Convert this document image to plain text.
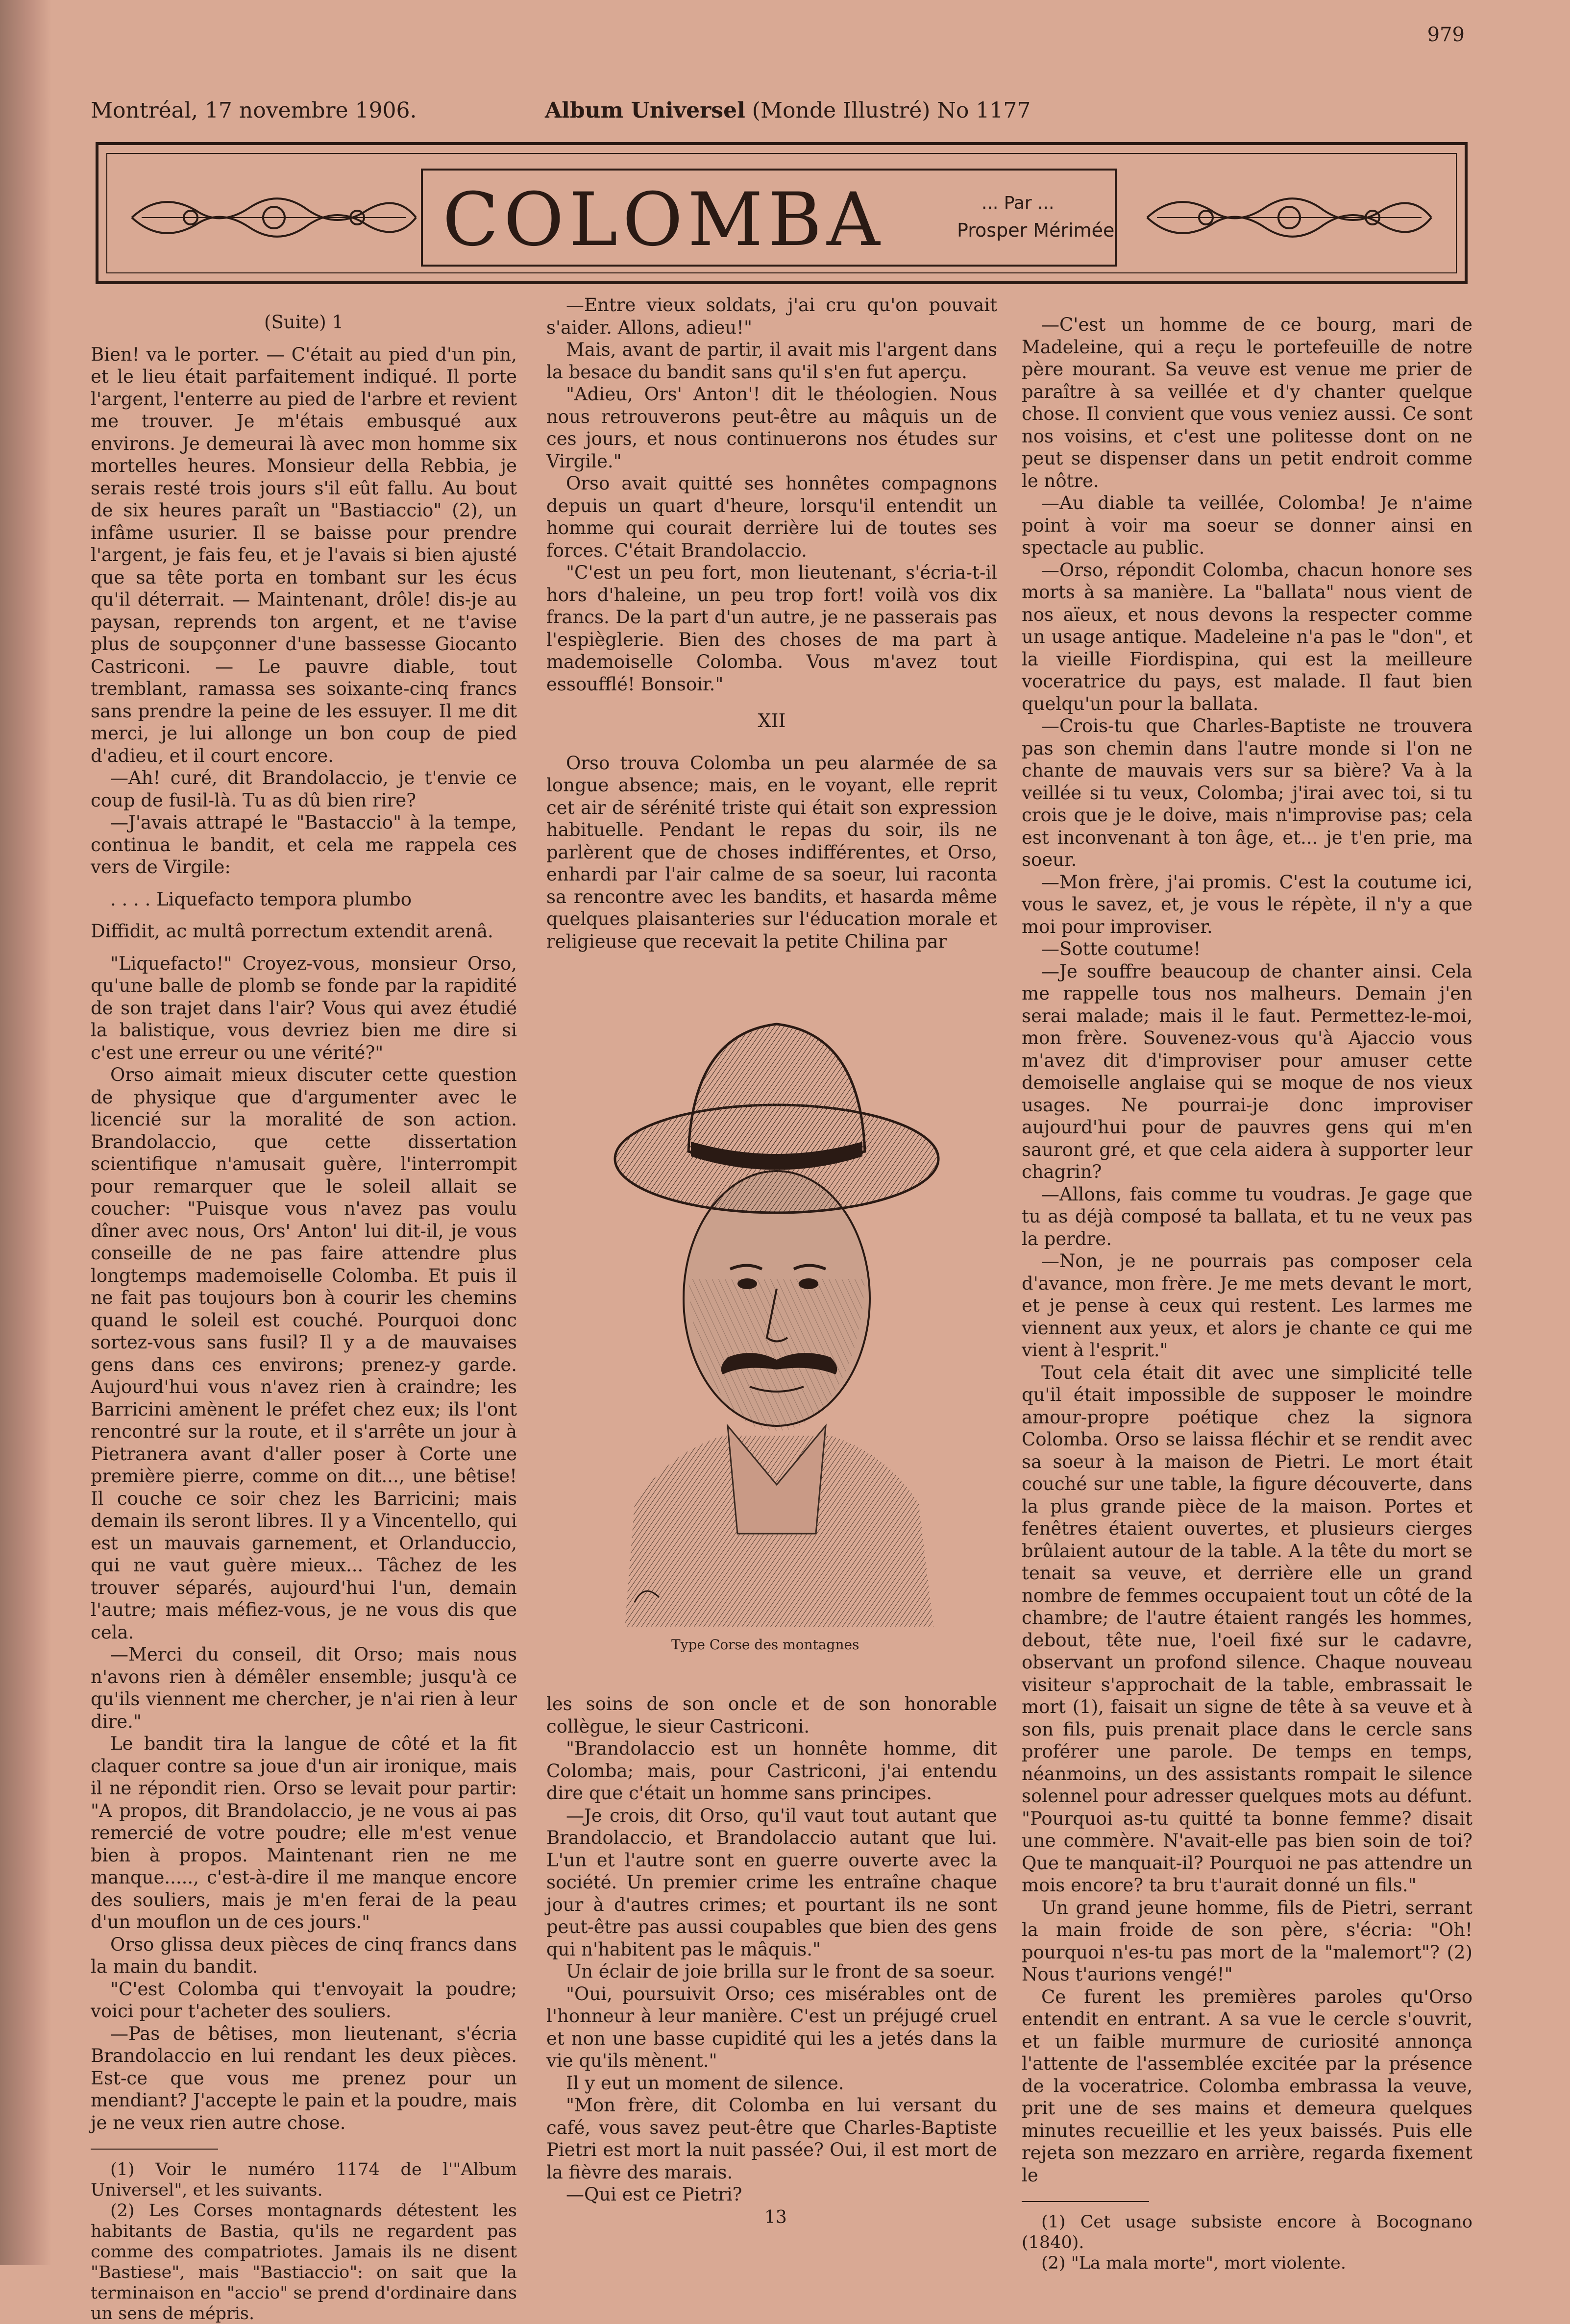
979
Montréal, 17 novembre 1906.	Album Universel (Monde Illustré) No 1177
COLOMBA	... Par ...
Prosper Mérimée

(Suite) 1

Bien! va le porter. — C'était au pied d'un pin, et le lieu était parfaitement indiqué. Il porte l'argent, l'enterre au pied de l'arbre et revient me trouver. Je m'étais embusqué aux environs. Je demeurai là avec mon homme six mortelles heures. Monsieur della Rebbia, je serais resté trois jours s'il eût fallu. Au bout de six heures paraît un "Bastiaccio" (2), un infâme usurier. Il se baisse pour prendre l'argent, je fais feu, et je l'avais si bien ajusté que sa tête porta en tombant sur les écus qu'il déterrait. — Maintenant, drôle! dis-je au paysan, reprends ton argent, et ne t'avise plus de soupçonner d'une bassesse Giocanto Castriconi. — Le pauvre diable, tout tremblant, ramassa ses soixante-cinq francs sans prendre la peine de les essuyer. Il me dit merci, je lui allonge un bon coup de pied d'adieu, et il court encore.

—Ah! curé, dit Brandolaccio, je t'envie ce coup de fusil-là. Tu as dû bien rire?

—J'avais attrapé le "Bastaccio" à la tempe, continua le bandit, et cela me rappela ces vers de Virgile:

. . . . Liquefacto tempora plumbo

Diffidit, ac multâ porrectum extendit arenâ.

"Liquefacto!" Croyez-vous, monsieur Orso, qu'une balle de plomb se fonde par la rapidité de son trajet dans l'air? Vous qui avez étudié la balistique, vous devriez bien me dire si c'est une erreur ou une vérité?"

Orso aimait mieux discuter cette question de physique que d'argumenter avec le licencié sur la moralité de son action. Brandolaccio, que cette dissertation scientifique n'amusait guère, l'interrompit pour remarquer que le soleil allait se coucher: "Puisque vous n'avez pas voulu dîner avec nous, Ors' Anton' lui dit-il, je vous conseille de ne pas faire attendre plus longtemps mademoiselle Colomba. Et puis il ne fait pas toujours bon à courir les chemins quand le soleil est couché. Pourquoi donc sortez-vous sans fusil? Il y a de mauvaises gens dans ces environs; prenez-y garde. Aujourd'hui vous n'avez rien à craindre; les Barricini amènent le préfet chez eux; ils l'ont rencontré sur la route, et il s'arrête un jour à Pietranera avant d'aller poser à Corte une première pierre, comme on dit..., une bêtise! Il couche ce soir chez les Barricini; mais demain ils seront libres. Il y a Vincentello, qui est un mauvais garnement, et Orlanduccio, qui ne vaut guère mieux... Tâchez de les trouver séparés, aujourd'hui l'un, demain l'autre; mais méfiez-vous, je ne vous dis que cela.

—Merci du conseil, dit Orso; mais nous n'avons rien à démêler ensemble; jusqu'à ce qu'ils viennent me chercher, je n'ai rien à leur dire."

Le bandit tira la langue de côté et la fit claquer contre sa joue d'un air ironique, mais il ne répondit rien. Orso se levait pour partir: "A propos, dit Brandolaccio, je ne vous ai pas remercié de votre poudre; elle m'est venue bien à propos. Maintenant rien ne me manque....., c'est-à-dire il me manque encore des souliers, mais je m'en ferai de la peau d'un mouflon un de ces jours."

Orso glissa deux pièces de cinq francs dans la main du bandit.

"C'est Colomba qui t'envoyait la poudre; voici pour t'acheter des souliers.

—Pas de bêtises, mon lieutenant, s'écria Brandolaccio en lui rendant les deux pièces. Est-ce que vous me prenez pour un mendiant? J'accepte le pain et la poudre, mais je ne veux rien autre chose.

(1) Voir le numéro 1174 de l'"Album Universel", et les suivants.

(2) Les Corses montagnards détestent les habitants de Bastia, qu'ils ne regardent pas comme des compatriotes. Jamais ils ne disent "Bastiese", mais "Bastiaccio": on sait que la terminaison en "accio" se prend d'ordinaire dans un sens de mépris.

—Entre vieux soldats, j'ai cru qu'on pouvait s'aider. Allons, adieu!"

Mais, avant de partir, il avait mis l'argent dans la besace du bandit sans qu'il s'en fut aperçu.

"Adieu, Ors' Anton'! dit le théologien. Nous nous retrouverons peut-être au mâquis un de ces jours, et nous continuerons nos études sur Virgile."

Orso avait quitté ses honnêtes compagnons depuis un quart d'heure, lorsqu'il entendit un homme qui courait derrière lui de toutes ses forces. C'était Brandolaccio.

"C'est un peu fort, mon lieutenant, s'écria-t-il hors d'haleine, un peu trop fort! voilà vos dix francs. De la part d'un autre, je ne passerais pas l'espièglerie. Bien des choses de ma part à mademoiselle Colomba. Vous m'avez tout essoufflé! Bonsoir."

XII

Orso trouva Colomba un peu alarmée de sa longue absence; mais, en le voyant, elle reprit cet air de sérénité triste qui était son expression habituelle. Pendant le repas du soir, ils ne parlèrent que de choses indifférentes, et Orso, enhardi par l'air calme de sa soeur, lui raconta sa rencontre avec les bandits, et hasarda même quelques plaisanteries sur l'éducation morale et religieuse que recevait la petite Chilina par

Type Corse des montagnes

les soins de son oncle et de son honorable collègue, le sieur Castriconi.

"Brandolaccio est un honnête homme, dit Colomba; mais, pour Castriconi, j'ai entendu dire que c'était un homme sans principes.

—Je crois, dit Orso, qu'il vaut tout autant que Brandolaccio, et Brandolaccio autant que lui. L'un et l'autre sont en guerre ouverte avec la société. Un premier crime les entraîne chaque jour à d'autres crimes; et pourtant ils ne sont peut-être pas aussi coupables que bien des gens qui n'habitent pas le mâquis."

Un éclair de joie brilla sur le front de sa soeur.

"Oui, poursuivit Orso; ces misérables ont de l'honneur à leur manière. C'est un préjugé cruel et non une basse cupidité qui les a jetés dans la vie qu'ils mènent."

Il y eut un moment de silence.

"Mon frère, dit Colomba en lui versant du café, vous savez peut-être que Charles-Baptiste Pietri est mort la nuit passée? Oui, il est mort de la fièvre des marais.

—Qui est ce Pietri?

—C'est un homme de ce bourg, mari de Madeleine, qui a reçu le portefeuille de notre père mourant. Sa veuve est venue me prier de paraître à sa veillée et d'y chanter quelque chose. Il convient que vous veniez aussi. Ce sont nos voisins, et c'est une politesse dont on ne peut se dispenser dans un petit endroit comme le nôtre.

—Au diable ta veillée, Colomba! Je n'aime point à voir ma soeur se donner ainsi en spectacle au public.

—Orso, répondit Colomba, chacun honore ses morts à sa manière. La "ballata" nous vient de nos aïeux, et nous devons la respecter comme un usage antique. Madeleine n'a pas le "don", et la vieille Fiordispina, qui est la meilleure voceratrice du pays, est malade. Il faut bien quelqu'un pour la ballata.

—Crois-tu que Charles-Baptiste ne trouvera pas son chemin dans l'autre monde si l'on ne chante de mauvais vers sur sa bière? Va à la veillée si tu veux, Colomba; j'irai avec toi, si tu crois que je le doive, mais n'improvise pas; cela est inconvenant à ton âge, et... je t'en prie, ma soeur.

—Mon frère, j'ai promis. C'est la coutume ici, vous le savez, et, je vous le répète, il n'y a que moi pour improviser.

—Sotte coutume!

—Je souffre beaucoup de chanter ainsi. Cela me rappelle tous nos malheurs. Demain j'en serai malade; mais il le faut. Permettez-le-moi, mon frère. Souvenez-vous qu'à Ajaccio vous m'avez dit d'improviser pour amuser cette demoiselle anglaise qui se moque de nos vieux usages. Ne pourrai-je donc improviser aujourd'hui pour de pauvres gens qui m'en sauront gré, et que cela aidera à supporter leur chagrin?

—Allons, fais comme tu voudras. Je gage que tu as déjà composé ta ballata, et tu ne veux pas la perdre.

—Non, je ne pourrais pas composer cela d'avance, mon frère. Je me mets devant le mort, et je pense à ceux qui restent. Les larmes me viennent aux yeux, et alors je chante ce qui me vient à l'esprit."

Tout cela était dit avec une simplicité telle qu'il était impossible de supposer le moindre amour-propre poétique chez la signora Colomba. Orso se laissa fléchir et se rendit avec sa soeur à la maison de Pietri. Le mort était couché sur une table, la figure découverte, dans la plus grande pièce de la maison. Portes et fenêtres étaient ouvertes, et plusieurs cierges brûlaient autour de la table. A la tête du mort se tenait sa veuve, et derrière elle un grand nombre de femmes occupaient tout un côté de la chambre; de l'autre étaient rangés les hommes, debout, tête nue, l'oeil fixé sur le cadavre, observant un profond silence. Chaque nouveau visiteur s'approchait de la table, embrassait le mort (1), faisait un signe de tête à sa veuve et à son fils, puis prenait place dans le cercle sans proférer une parole. De temps en temps, néanmoins, un des assistants rompait le silence solennel pour adresser quelques mots au défunt. "Pourquoi as-tu quitté ta bonne femme? disait une commère. N'avait-elle pas bien soin de toi? Que te manquait-il? Pourquoi ne pas attendre un mois encore? ta bru t'aurait donné un fils."

Un grand jeune homme, fils de Pietri, serrant la main froide de son père, s'écria: "Oh! pourquoi n'es-tu pas mort de la "malemort"? (2) Nous t'aurions vengé!"

Ce furent les premières paroles qu'Orso entendit en entrant. A sa vue le cercle s'ouvrit, et un faible murmure de curiosité annonça l'attente de l'assemblée excitée par la présence de la voceratrice. Colomba embrassa la veuve, prit une de ses mains et demeura quelques minutes recueillie et les yeux baissés. Puis elle rejeta son mezzaro en arrière, regarda fixement le

(1) Cet usage subsiste encore à Bocognano (1840).

(2) "La mala morte", mort violente.

13
